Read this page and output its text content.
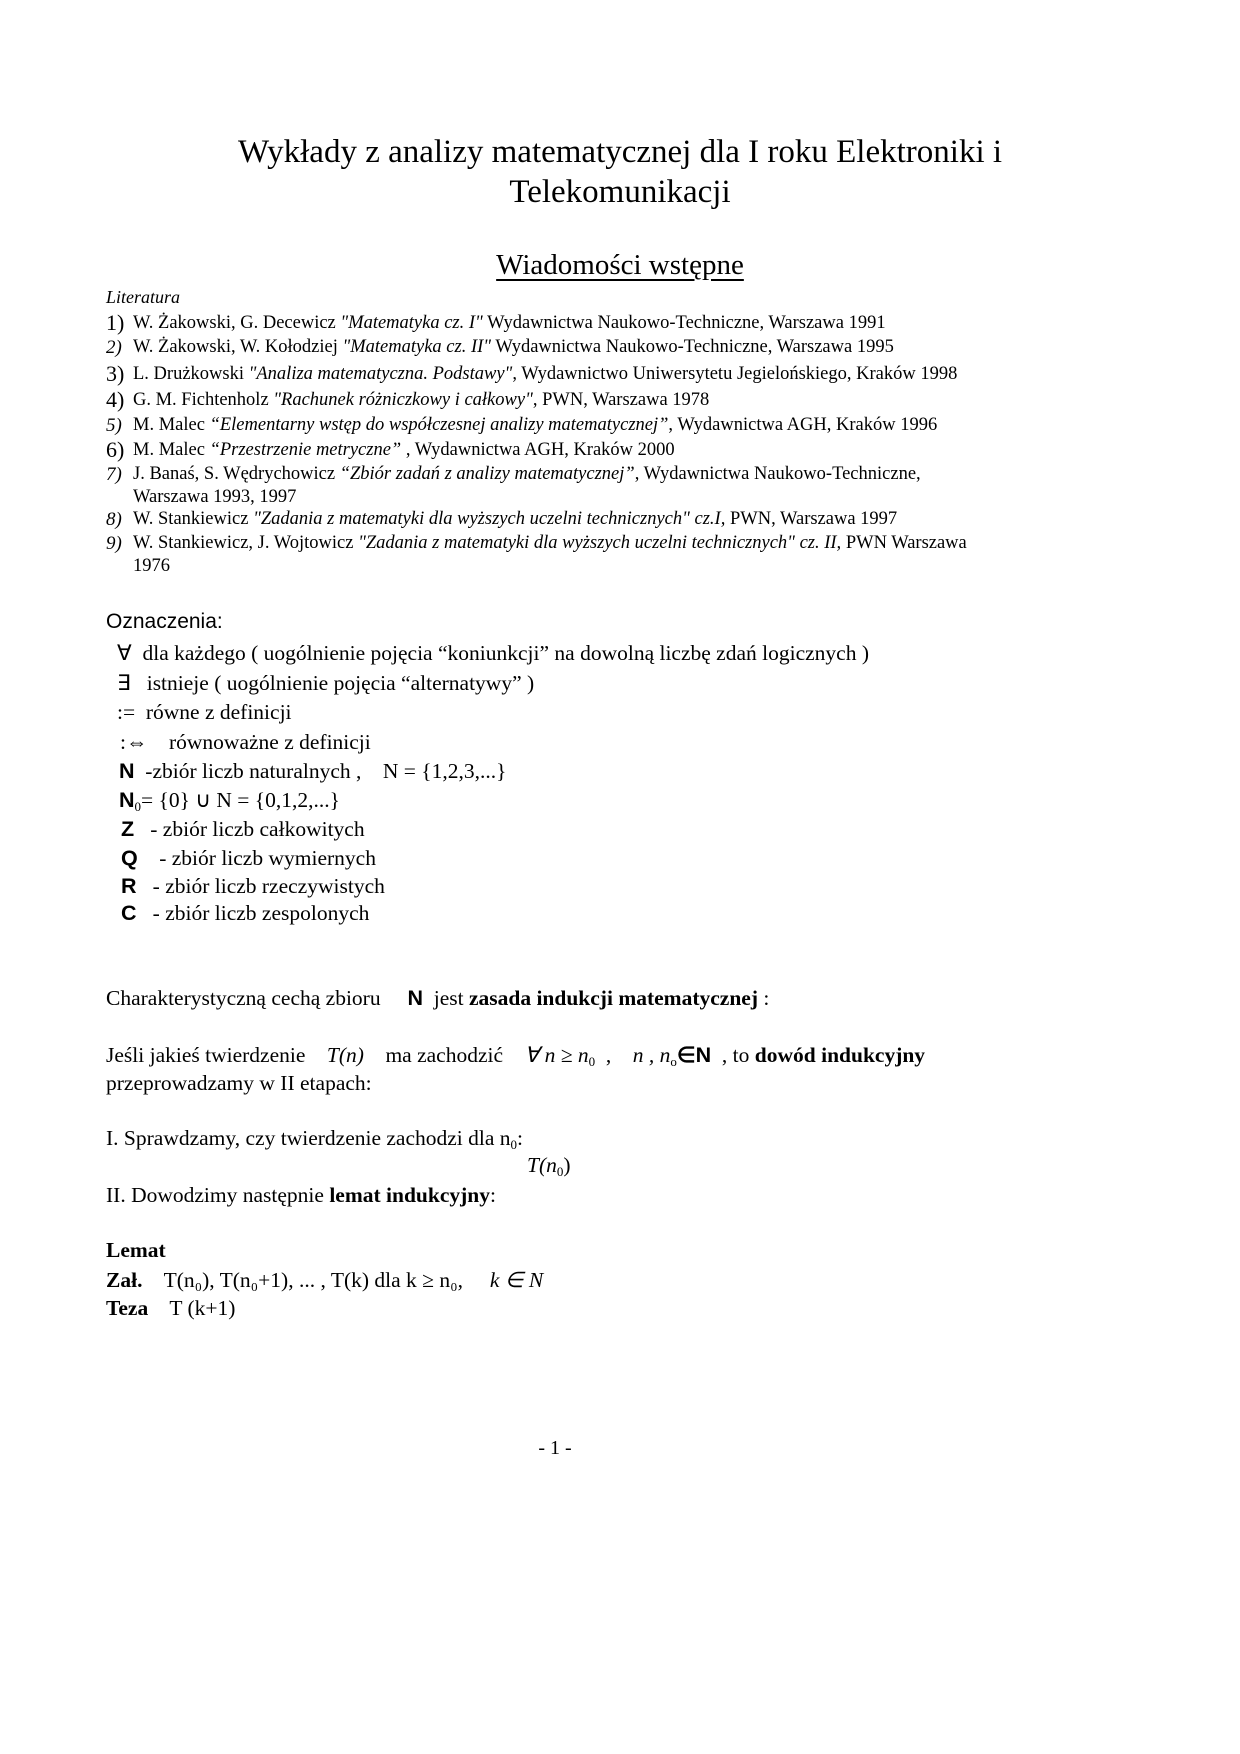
Wykłady z analizy matematycznej dla I roku Elektroniki i
Telekomunikacji
Wiadomości wstępne
Literatura
1) W. Żakowski, G. Decewicz "Matematyka cz. I" Wydawnictwa Naukowo-Techniczne, Warszawa 1991
2) W. Żakowski, W. Kołodziej "Matematyka cz. II" Wydawnictwa Naukowo-Techniczne, Warszawa 1995
3) L. Drużkowski "Analiza matematyczna. Podstawy", Wydawnictwo Uniwersytetu Jegielońskiego, Kraków 1998
4) G. M. Fichtenholz "Rachunek różniczkowy i całkowy", PWN, Warszawa 1978
5) M. Malec “Elementarny wstęp do współczesnej analizy matematycznej”, Wydawnictwa AGH, Kraków 1996
6) M. Malec “Przestrzenie metryczne” , Wydawnictwa AGH, Kraków 2000
7) J. Banaś, S. Wędrychowicz “Zbiór zadań z analizy matematycznej”, Wydawnictwa Naukowo-Techniczne,
Warszawa 1993, 1997
8) W. Stankiewicz "Zadania z matematyki dla wyższych uczelni technicznych" cz.I, PWN, Warszawa 1997
9) W. Stankiewicz, J. Wojtowicz "Zadania z matematyki dla wyższych uczelni technicznych" cz. II, PWN Warszawa
1976
Oznaczenia:
∀ dla każdego ( uogólnienie pojęcia “koniunkcji” na dowolną liczbę zdań logicznych )
∃ istnieje ( uogólnienie pojęcia “alternatywy” )
:= równe z definicji
:⇔ równoważne z definicji
N -zbiór liczb naturalnych , N = {1,2,3,...}
$N_0= \{0\}$ ∪ N = {0,1,2,...}
Z - zbiór liczb całkowitych
Q - zbiór liczb wymiernych
R - zbiór liczb rzeczywistych
C - zbiór liczb zespolonych
Charakterystyczną cechą zbioru N jest zasada indukcji matematycznej :
Jeśli jakieś twierdzenie T(n) ma zachodzić ∀ $n \ge n_0$  ,    n , $n_o\in N$ , to dowód indukcyjny
przeprowadzamy w II etapach:
I. Sprawdzamy, czy twierdzenie zachodzi dla $n_0$:
$T(n_0)$
II. Dowodzimy następnie lemat indukcyjny:
Lemat
Zał. T(n₀), T(n₀+1), ... , T(k) dla k ≥ n₀, k ∈ N
Teza T (k+1)
- 1 -
